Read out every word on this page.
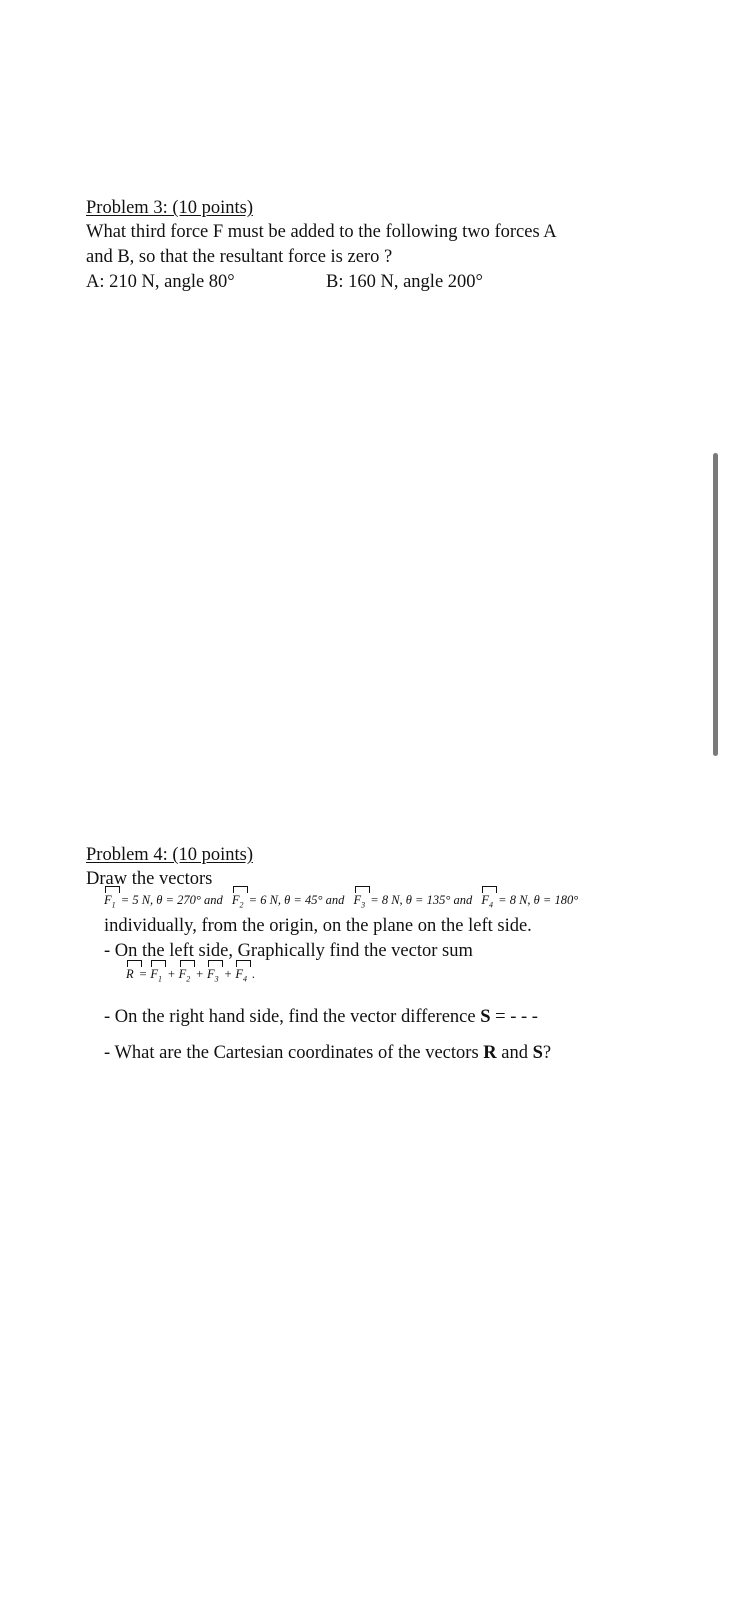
Problem 3: (10 points)
What third force F must be added to the following two forces A
and B, so that the resultant force is zero ?
A: 210 N, angle 80°	B: 160 N, angle 200°
Problem 4: (10 points)
Draw the vectors
$F_1 = 5$ N, θ = 270° and $F_2 = 6$ N, θ = 45° and $F_3 = 8$ N, θ = 135° and $F_4 = 8$ N, θ = 180°
individually, from the origin, on the plane on the left side.
- On the left side, Graphically find the vector sum
$R = F_1 + F_2 + F_3 + F_4$ .
- On the right hand side, find the vector difference S = - - -
- What are the Cartesian coordinates of the vectors R and S?
